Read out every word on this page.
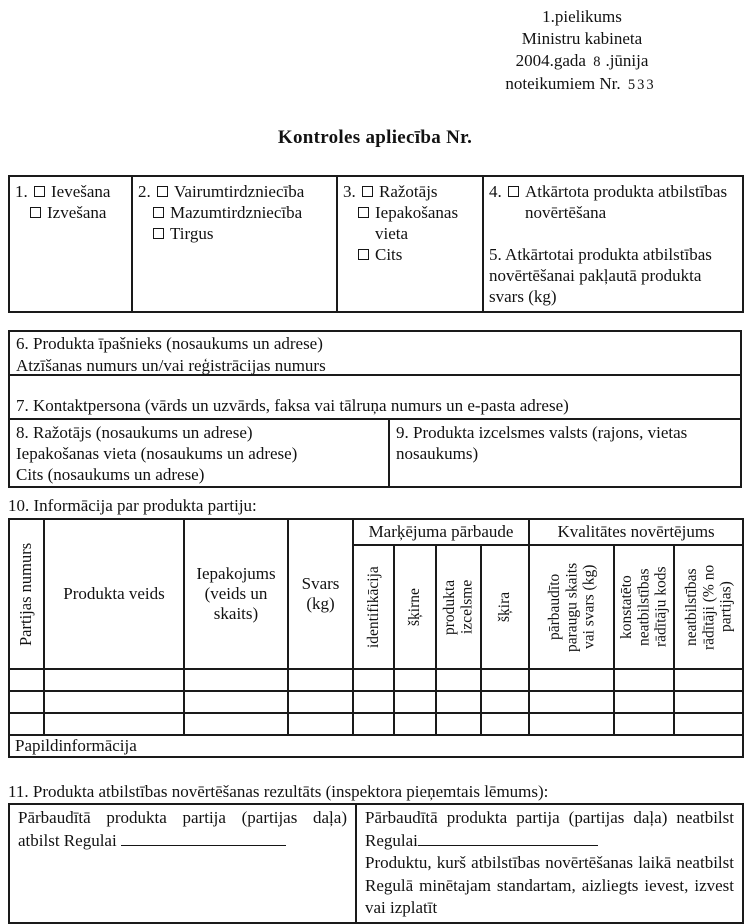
1.pielikums
Ministru kabineta
2004.gada 8 .jūnija
noteikumiem Nr. 533
Kontroles apliecība Nr.
1.	Ievešana
Izvešana

2.	Vairumtirdzniecība
Mazumtirdzniecība
Tirgus

3.	Ražotājs
Iepakošanas vieta
Cits

4.	Atkārtota produkta atbilstības novērtēšana

5. Atkārtotai produkta atbilstības novērtēšanai pakļautā produkta svars (kg)

6. Produkta īpašnieks (nosaukums un adrese)
Atzīšanas numurs un/vai reģistrācijas numurs
7. Kontaktpersona (vārds un uzvārds, faksa vai tālruņa numurs un e-pasta adrese)
8. Ražotājs (nosaukums un adrese)
Iepakošanas vieta (nosaukums un adrese)
Cits (nosaukums un adrese)
9. Produkta izcelsmes valsts (rajons, vietas nosaukums)
10. Informācija par produkta partiju:
Partijas numurs	Produkta veids	Iepakojums (veids un skaits)	Svars (kg)	Marķējuma pārbaude				Kvalitātes novērtējums		

				identifikācija	šķirne	produkta izcelsme	šķira	pārbaudīto paraugu skaits vai svars (kg)	konstatēto neatbilstības rādītāju kods	neatbilstības rādītāji (% no partijas)

Papildinformācija										
11. Produkta atbilstības novērtēšanas rezultāts (inspektora pieņemtais lēmums):

Pārbaudītā produkta partija (partijas daļa) atbilst Regulai

Pārbaudītā produkta partija (partijas daļa) neatbilst Regulai

Produktu, kurš atbilstības novērtēšanas laikā neatbilst Regulā minētajam standartam, aizliegts ievest, izvest vai izplatīt
